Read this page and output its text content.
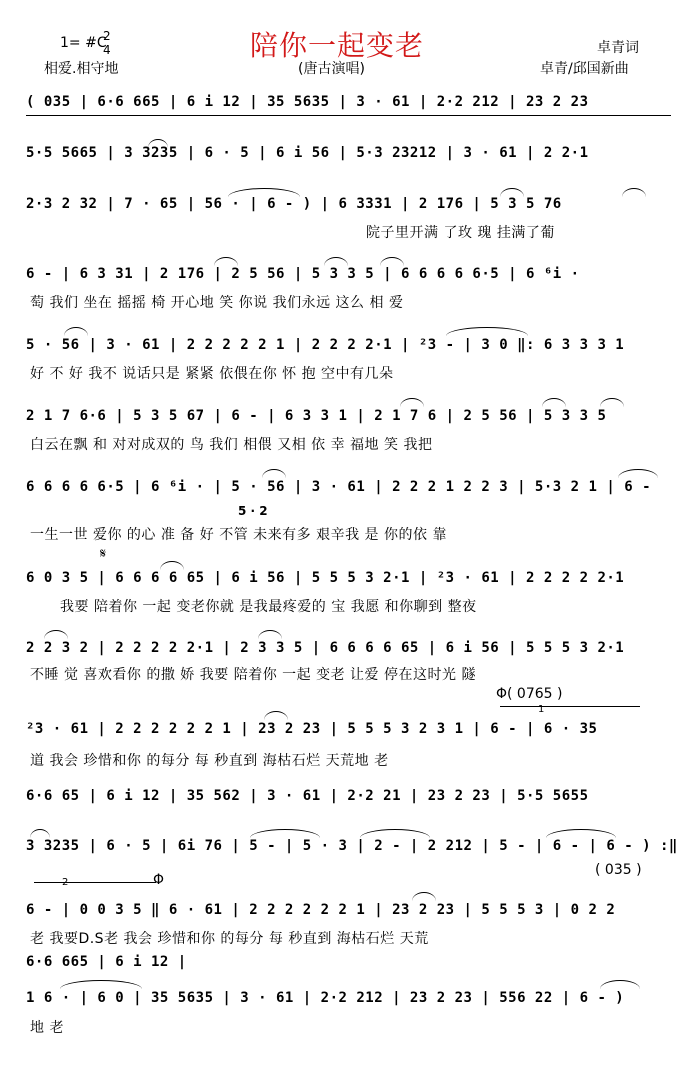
陪你一起变老
1= #C
2
4
相爱.相守地	(唐古演唱)
卓青词
卓青/邱国新曲
( 035 | 6·6 665 | 6 i 12 | 35 5635 | 3 · 61 | 2·2 212 | 23 2 23
5·5 5665 | 3 3235 | 6 · 5 | 6 i 56 | 5·3 23212 | 3 · 61 | 2 2·1
2·3 2 32 | 7 · 65 | 56 · | 6 - ) | 6 3331 | 2 176 | 5 3 5 76
院子里开满 了玫 瑰 挂满了葡
6 - | 6 3 31 | 2 176 | 2 5 56 | 5 3 3 5 | 6 6 6 6 6·5 | 6 ⁶i ·
萄 我们 坐在 摇摇 椅 开心地 笑 你说 我们永远 这么 相 爱
5 · 56 | 3 · 61 | 2 2 2 2 2 1 | 2 2 2 2·1 | ²3 - | 3 0 ‖: 6 3 3 3 1
好 不 好 我不 说话只是 紧紧 依偎在你 怀 抱 空中有几朵
2 1 7 6·6 | 5 3 5 67 | 6 - | 6 3 3 1 | 2 1 7 6 | 2 5 56 | 5 3 3 5
白云在飘 和 对对成双的 鸟 我们 相偎 又相 依 幸 福地 笑 我把
6 6 6 6 6·5 | 6 ⁶i · | 5 · 56 | 3 · 61 | 2 2 2 1 2 2 3 | 5·3 2 1 | 6 -
5 · 2
一生一世 爱你 的心 准 备 好 不管 未来有多 艰辛我 是 你的依 靠
𝄋
6 0 3 5 | 6 6 6 6 65 | 6 i 56 | 5 5 5 3 2·1 | ²3 · 61 | 2 2 2 2 2·1
我要 陪着你 一起 变老你就 是我最疼爱的 宝 我愿 和你聊到 整夜
2 2 3 2 | 2 2 2 2 2·1 | 2 3 3 5 | 6 6 6 6 65 | 6 i 56 | 5 5 5 3 2·1
不睡 觉 喜欢看你 的撒 娇 我要 陪着你 一起 变老 让爱 停在这时光 隧
Φ( 0765 )
1
²3 · 61 | 2 2 2 2 2 2 1 | 23 2 23 | 5 5 5 3 2 3 1 | 6 - | 6 · 35
道 我会 珍惜和你 的每分 每 秒直到 海枯石烂 天荒地 老
6·6 65 | 6 i 12 | 35 562 | 3 · 61 | 2·2 21 | 23 2 23 | 5·5 5655
3 3235 | 6 · 5 | 6i 76 | 5 - | 5 · 3 | 2 - | 2 212 | 5 - | 6 - | 6 - ) :‖
( 035 )
2	Φ
6 - | 0 0 3 5 ‖ 6 · 61 | 2 2 2 2 2 2 1 | 23 2 23 | 5 5 5 3 | 0 2 2
老 我要D.S老 我会 珍惜和你 的每分 每 秒直到 海枯石烂 天荒
6·6 665 | 6 i 12 |
1 6 · | 6 0 | 35 5635 | 3 · 61 | 2·2 212 | 23 2 23 | 556 22 | 6 - )
地 老
